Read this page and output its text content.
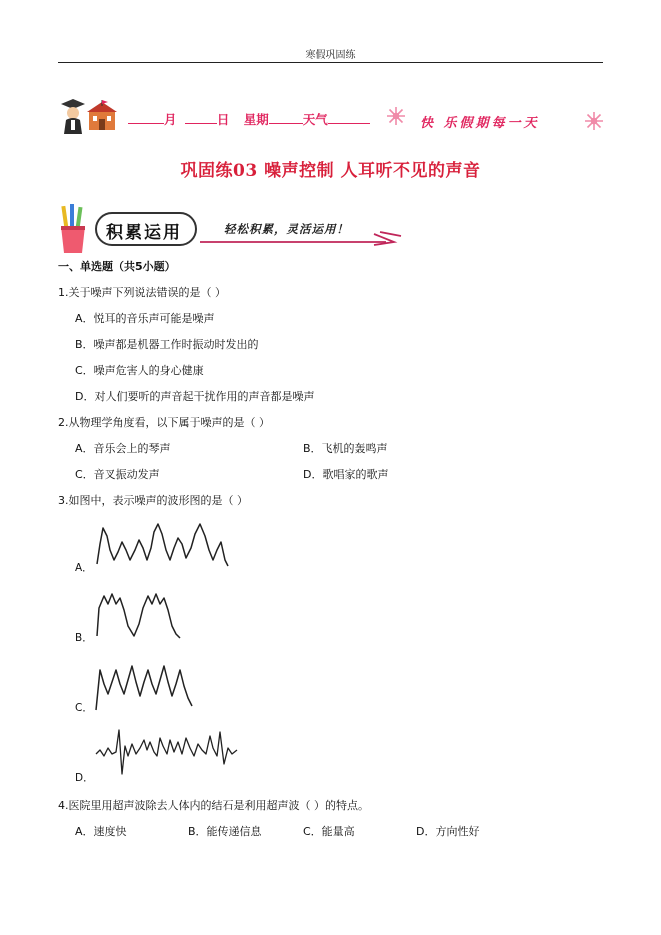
寒假巩固练
月	日 星期	天气	快 乐假期每一天
巩固练03 噪声控制 人耳听不见的声音
积累运用	轻松积累，灵活运用！
一、单选题（共5小题）
1.关于噪声下列说法错误的是（ ）
A．悦耳的音乐声可能是噪声
B．噪声都是机器工作时振动时发出的
C．噪声危害人的身心健康
D．对人们要听的声音起干扰作用的声音都是噪声
2.从物理学角度看，以下属于噪声的是（ ）
A．音乐会上的琴声	B．飞机的轰鸣声
C．音叉振动发声	D．歌唱家的歌声
3.如图中，表示噪声的波形图的是（ ）
A．
B．
C．
D．
4.医院里用超声波除去人体内的结石是利用超声波（ ）的特点。
A．速度快	B．能传递信息	C．能量高	D．方向性好
